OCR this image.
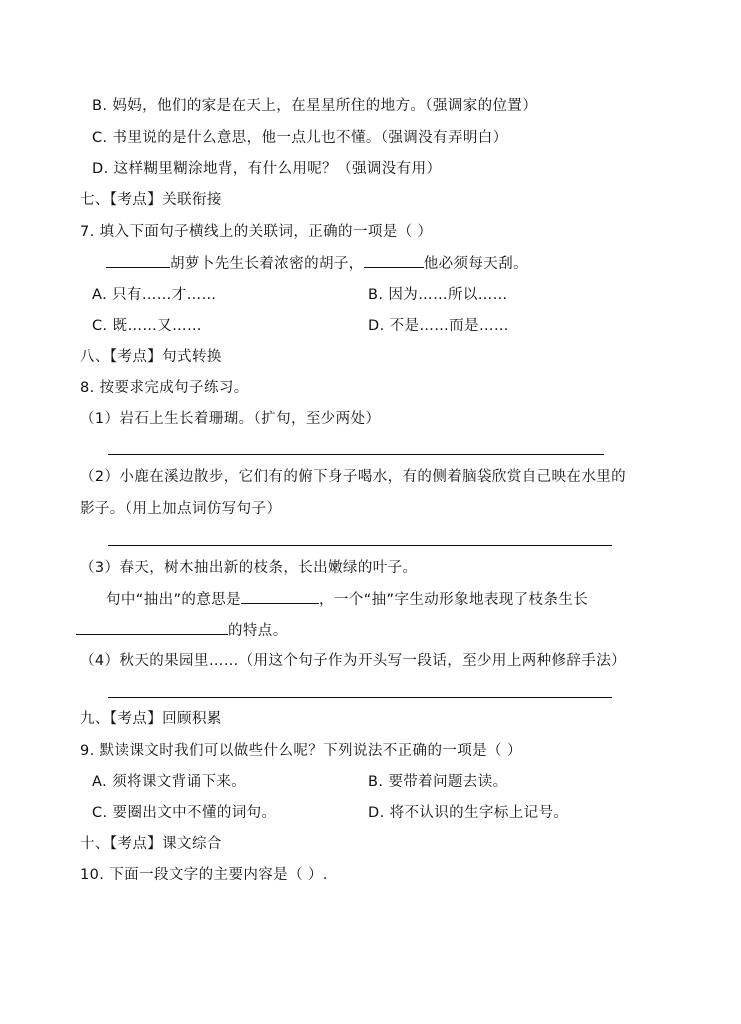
B. 妈妈，他们的家是在天上，在星星所住的地方。（强调家的位置）
C. 书里说的是什么意思，他一点儿也不懂。（强调没有弄明白）
D. 这样糊里糊涂地背，有什么用呢？（强调没有用）
七、【考点】关联衔接
7. 填入下面句子横线上的关联词，正确的一项是（ ）
胡萝卜先生长着浓密的胡子，	他必须每天刮。
A. 只有……才……	B. 因为……所以……
C. 既……又……	D. 不是……而是……
八、【考点】句式转换
8. 按要求完成句子练习。
（1）岩石上生长着珊瑚。（扩句，至少两处）
（2）小鹿在溪边散步，它们有的俯下身子喝水，有的侧着脑袋欣赏自己映在水里的
影子。（用上加点词仿写句子）
（3）春天，树木抽出新的枝条，长出嫩绿的叶子。
句中“抽出”的意思是	，一个“抽”字生动形象地表现了枝条生长
的特点。
（4）秋天的果园里……（用这个句子作为开头写一段话，至少用上两种修辞手法）
九、【考点】回顾积累
9. 默读课文时我们可以做些什么呢？下列说法不正确的一项是（ ）
A. 须将课文背诵下来。	B. 要带着问题去读。
C. 要圈出文中不懂的词句。	D. 将不认识的生字标上记号。
十、【考点】课文综合
10. 下面一段文字的主要内容是（ ）.
